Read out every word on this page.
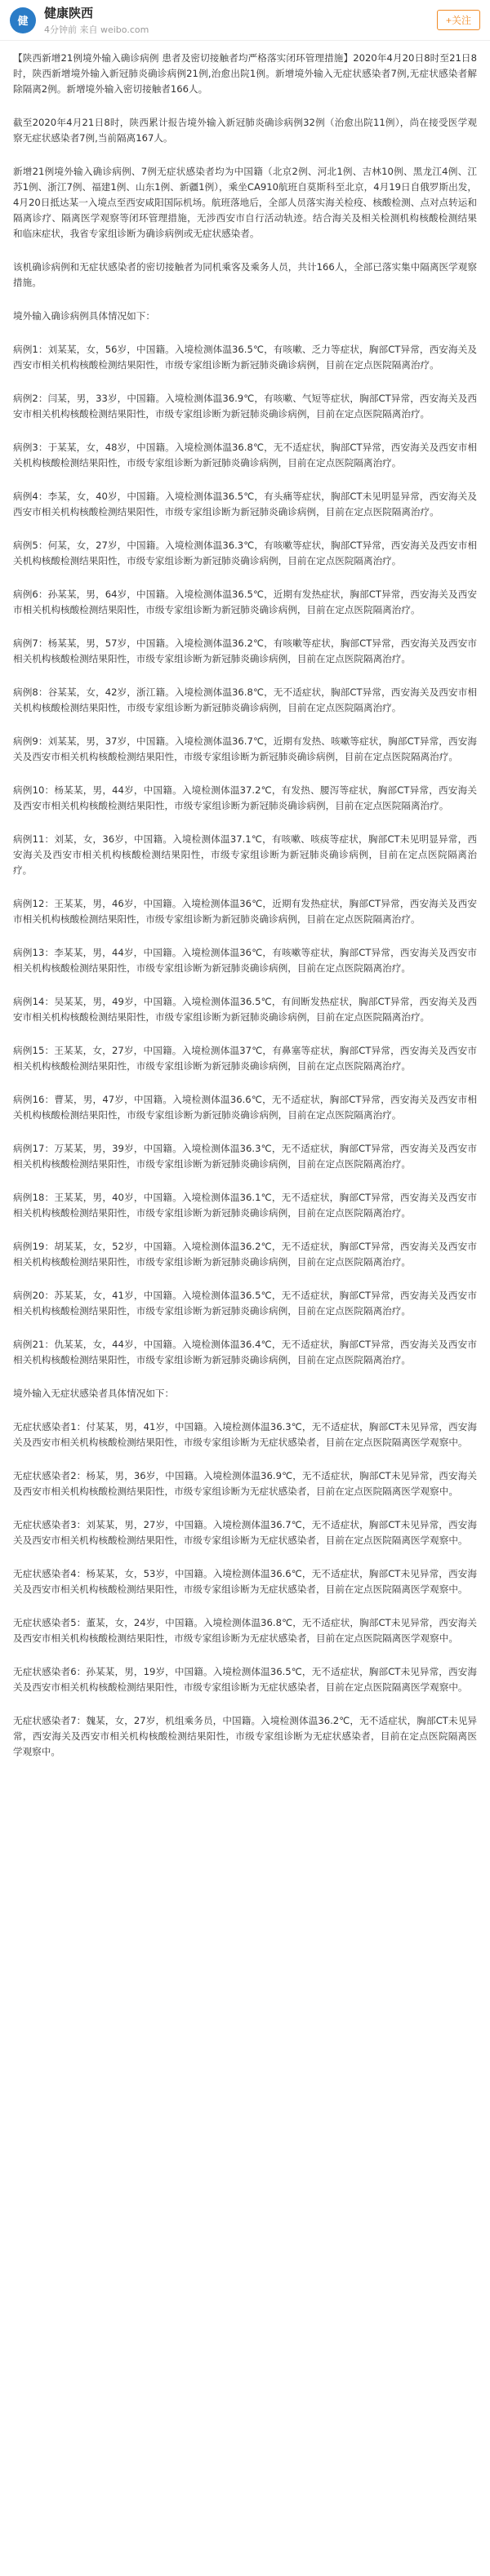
健
健康陕西
4分钟前 来自 weibo.com
+关注

【陕西新增21例境外输入确诊病例 患者及密切接触者均严格落实闭环管理措施】2020年4月20日8时至21日8时，陕西新增境外输入新冠肺炎确诊病例21例,治愈出院1例。新增境外输入无症状感染者7例,无症状感染者解除隔离2例。新增境外输入密切接触者166人。

截至2020年4月21日8时，陕西累计报告境外输入新冠肺炎确诊病例32例（治愈出院11例），尚在接受医学观察无症状感染者7例,当前隔离167人。

新增21例境外输入确诊病例、7例无症状感染者均为中国籍（北京2例、河北1例、吉林10例、黑龙江4例、江苏1例、浙江7例、福建1例、山东1例、新疆1例），乘坐CA910航班自莫斯科至北京，4月19日自俄罗斯出发，4月20日抵达某一入境点至西安咸阳国际机场。航班落地后，全部人员落实海关检疫、核酸检测、点对点转运和隔离诊疗、隔离医学观察等闭环管理措施，无涉西安市自行活动轨迹。结合海关及相关检测机构核酸检测结果和临床症状，我省专家组诊断为确诊病例或无症状感染者。

该机确诊病例和无症状感染者的密切接触者为同机乘客及乘务人员，共计166人，全部已落实集中隔离医学观察措施。

境外输入确诊病例具体情况如下：

病例1：刘某某，女，56岁，中国籍。入境检测体温36.5℃，有咳嗽、乏力等症状，胸部CT异常，西安海关及西安市相关机构核酸检测结果阳性，市级专家组诊断为新冠肺炎确诊病例，目前在定点医院隔离治疗。

病例2：闫某，男，33岁，中国籍。入境检测体温36.9℃，有咳嗽、气短等症状，胸部CT异常，西安海关及西安市相关机构核酸检测结果阳性，市级专家组诊断为新冠肺炎确诊病例，目前在定点医院隔离治疗。

病例3：于某某，女，48岁，中国籍。入境检测体温36.8℃，无不适症状，胸部CT异常，西安海关及西安市相关机构核酸检测结果阳性，市级专家组诊断为新冠肺炎确诊病例，目前在定点医院隔离治疗。

病例4：李某，女，40岁，中国籍。入境检测体温36.5℃，有头痛等症状，胸部CT未见明显异常，西安海关及西安市相关机构核酸检测结果阳性，市级专家组诊断为新冠肺炎确诊病例，目前在定点医院隔离治疗。

病例5：何某，女，27岁，中国籍。入境检测体温36.3℃，有咳嗽等症状，胸部CT异常，西安海关及西安市相关机构核酸检测结果阳性，市级专家组诊断为新冠肺炎确诊病例，目前在定点医院隔离治疗。

病例6：孙某某，男，64岁，中国籍。入境检测体温36.5℃，近期有发热症状，胸部CT异常，西安海关及西安市相关机构核酸检测结果阳性，市级专家组诊断为新冠肺炎确诊病例，目前在定点医院隔离治疗。

病例7：杨某某，男，57岁，中国籍。入境检测体温36.2℃，有咳嗽等症状，胸部CT异常，西安海关及西安市相关机构核酸检测结果阳性，市级专家组诊断为新冠肺炎确诊病例，目前在定点医院隔离治疗。

病例8：谷某某，女，42岁，浙江籍。入境检测体温36.8℃，无不适症状，胸部CT异常，西安海关及西安市相关机构核酸检测结果阳性，市级专家组诊断为新冠肺炎确诊病例，目前在定点医院隔离治疗。

病例9：刘某某，男，37岁，中国籍。入境检测体温36.7℃，近期有发热、咳嗽等症状，胸部CT异常，西安海关及西安市相关机构核酸检测结果阳性，市级专家组诊断为新冠肺炎确诊病例，目前在定点医院隔离治疗。

病例10：杨某某，男，44岁，中国籍。入境检测体温37.2℃，有发热、腰泻等症状，胸部CT异常，西安海关及西安市相关机构核酸检测结果阳性，市级专家组诊断为新冠肺炎确诊病例，目前在定点医院隔离治疗。

病例11：刘某，女，36岁，中国籍。入境检测体温37.1℃，有咳嗽、咳痰等症状，胸部CT未见明显异常，西安海关及西安市相关机构核酸检测结果阳性，市级专家组诊断为新冠肺炎确诊病例，目前在定点医院隔离治疗。

病例12：王某某，男，46岁，中国籍。入境检测体温36℃，近期有发热症状，胸部CT异常，西安海关及西安市相关机构核酸检测结果阳性，市级专家组诊断为新冠肺炎确诊病例，目前在定点医院隔离治疗。

病例13：李某某，男，44岁，中国籍。入境检测体温36℃，有咳嗽等症状，胸部CT异常，西安海关及西安市相关机构核酸检测结果阳性，市级专家组诊断为新冠肺炎确诊病例，目前在定点医院隔离治疗。

病例14：吴某某，男，49岁，中国籍。入境检测体温36.5℃，有间断发热症状，胸部CT异常，西安海关及西安市相关机构核酸检测结果阳性，市级专家组诊断为新冠肺炎确诊病例，目前在定点医院隔离治疗。

病例15：王某某，女，27岁，中国籍。入境检测体温37℃，有鼻塞等症状，胸部CT异常，西安海关及西安市相关机构核酸检测结果阳性，市级专家组诊断为新冠肺炎确诊病例，目前在定点医院隔离治疗。

病例16：曹某，男，47岁，中国籍。入境检测体温36.6℃，无不适症状，胸部CT异常，西安海关及西安市相关机构核酸检测结果阳性，市级专家组诊断为新冠肺炎确诊病例，目前在定点医院隔离治疗。

病例17：万某某，男，39岁，中国籍。入境检测体温36.3℃，无不适症状，胸部CT异常，西安海关及西安市相关机构核酸检测结果阳性，市级专家组诊断为新冠肺炎确诊病例，目前在定点医院隔离治疗。

病例18：王某某，男，40岁，中国籍。入境检测体温36.1℃，无不适症状，胸部CT异常，西安海关及西安市相关机构核酸检测结果阳性，市级专家组诊断为新冠肺炎确诊病例，目前在定点医院隔离治疗。

病例19：胡某某，女，52岁，中国籍。入境检测体温36.2℃，无不适症状，胸部CT异常，西安海关及西安市相关机构核酸检测结果阳性，市级专家组诊断为新冠肺炎确诊病例，目前在定点医院隔离治疗。

病例20：苏某某，女，41岁，中国籍。入境检测体温36.5℃，无不适症状，胸部CT异常，西安海关及西安市相关机构核酸检测结果阳性，市级专家组诊断为新冠肺炎确诊病例，目前在定点医院隔离治疗。

病例21：仇某某，女，44岁，中国籍。入境检测体温36.4℃，无不适症状，胸部CT异常，西安海关及西安市相关机构核酸检测结果阳性，市级专家组诊断为新冠肺炎确诊病例，目前在定点医院隔离治疗。

境外输入无症状感染者具体情况如下：

无症状感染者1：付某某，男，41岁，中国籍。入境检测体温36.3℃，无不适症状，胸部CT未见异常，西安海关及西安市相关机构核酸检测结果阳性，市级专家组诊断为无症状感染者，目前在定点医院隔离医学观察中。

无症状感染者2：杨某，男，36岁，中国籍。入境检测体温36.9℃，无不适症状，胸部CT未见异常，西安海关及西安市相关机构核酸检测结果阳性，市级专家组诊断为无症状感染者，目前在定点医院隔离医学观察中。

无症状感染者3：刘某某，男，27岁，中国籍。入境检测体温36.7℃，无不适症状，胸部CT未见异常，西安海关及西安市相关机构核酸检测结果阳性，市级专家组诊断为无症状感染者，目前在定点医院隔离医学观察中。

无症状感染者4：杨某某，女，53岁，中国籍。入境检测体温36.6℃，无不适症状，胸部CT未见异常，西安海关及西安市相关机构核酸检测结果阳性，市级专家组诊断为无症状感染者，目前在定点医院隔离医学观察中。

无症状感染者5：董某，女，24岁，中国籍。入境检测体温36.8℃，无不适症状，胸部CT未见异常，西安海关及西安市相关机构核酸检测结果阳性，市级专家组诊断为无症状感染者，目前在定点医院隔离医学观察中。

无症状感染者6：孙某某，男，19岁，中国籍。入境检测体温36.5℃，无不适症状，胸部CT未见异常，西安海关及西安市相关机构核酸检测结果阳性，市级专家组诊断为无症状感染者，目前在定点医院隔离医学观察中。

无症状感染者7：魏某，女，27岁，机组乘务员，中国籍。入境检测体温36.2℃，无不适症状，胸部CT未见异常，西安海关及西安市相关机构核酸检测结果阳性，市级专家组诊断为无症状感染者，目前在定点医院隔离医学观察中。
